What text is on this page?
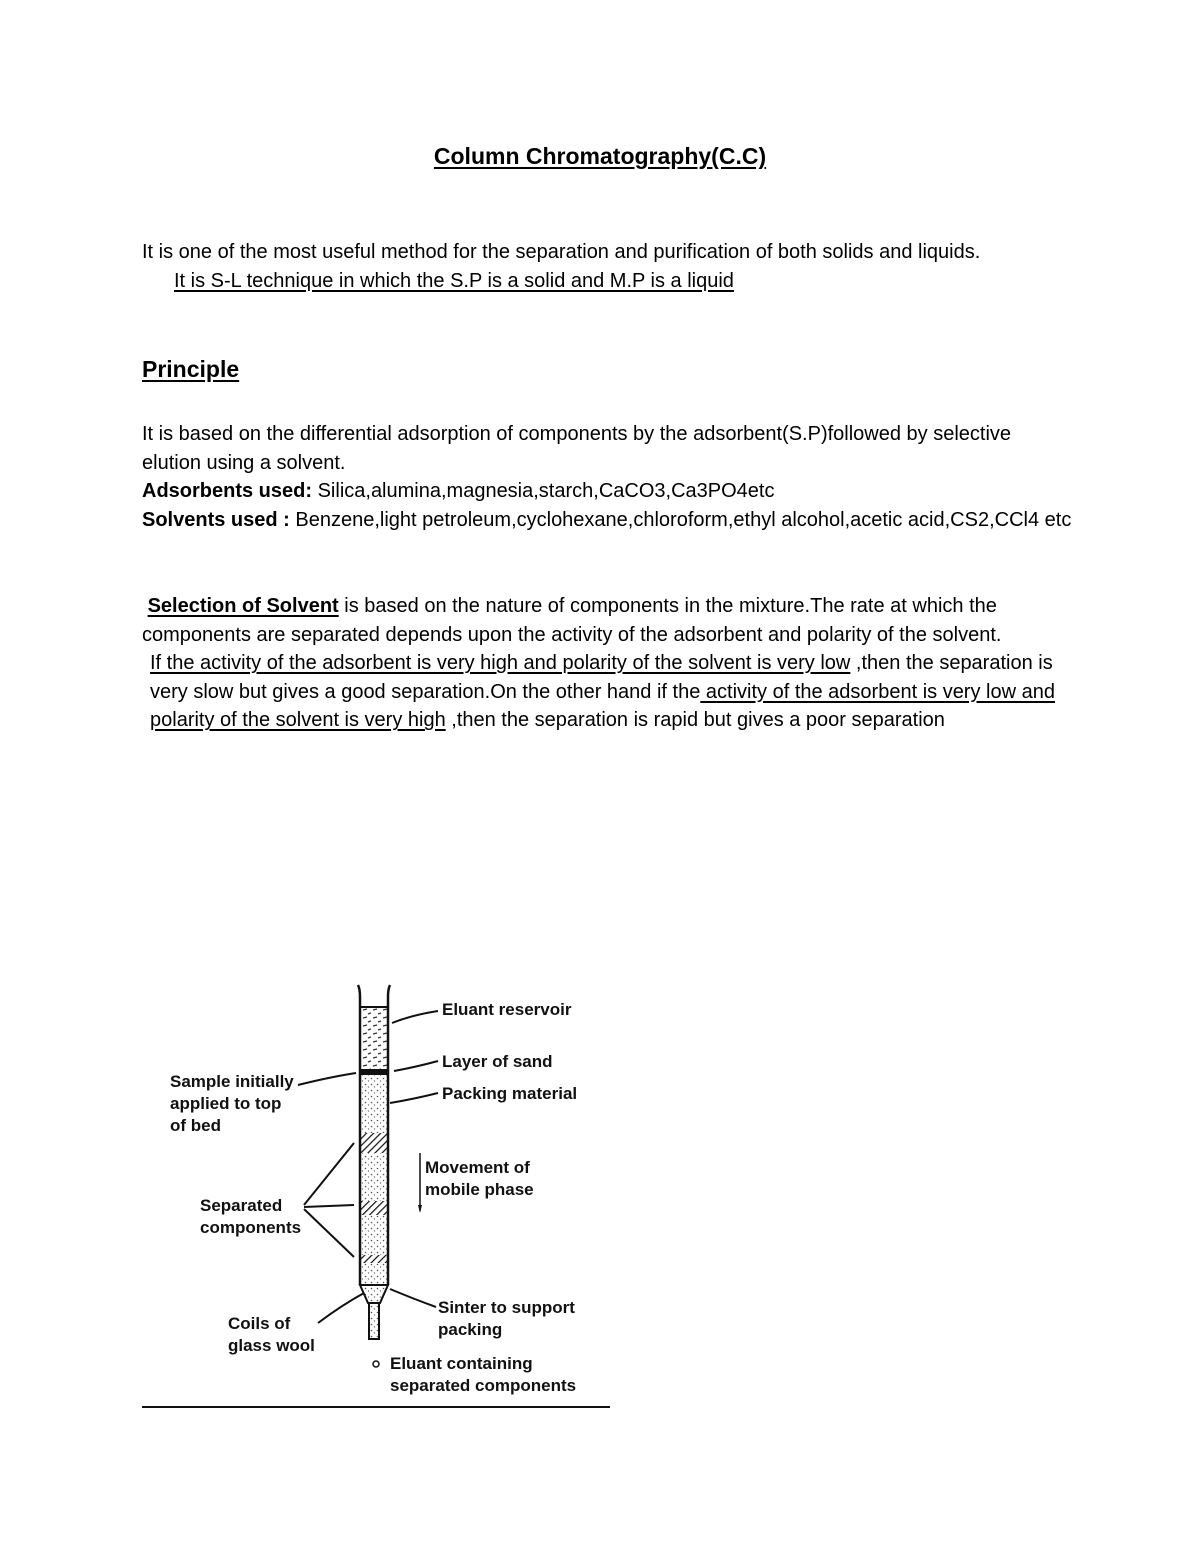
Column Chromatography(C.C)
It is one of the most useful method for the separation and purification of both solids and liquids.
It is S-L technique in which the S.P is a solid and M.P is a liquid
Principle
It is based on the differential adsorption of components by the adsorbent(S.P)followed by selective elution using a solvent.
Adsorbents used: Silica,alumina,magnesia,starch,CaCO3,Ca3PO4etc
Solvents used : Benzene,light petroleum,cyclohexane,chloroform,ethyl alcohol,acetic acid,CS2,CCl4 etc
Selection of Solvent is based on the nature of components in the mixture.The rate at which the components are separated depends upon the activity of the adsorbent and polarity of the solvent.
If the activity of the adsorbent is very high and polarity of the solvent is very low ,then the separation is very slow but gives a good separation.On the other hand if the activity of the adsorbent is very low and polarity of the solvent is very high ,then the separation is rapid but gives a poor separation
Eluant reservoir
Layer of sand
Packing material
Movement of
mobile phase
Sinter to support
packing
Eluant containing
separated components
Sample initially
applied to top
of bed
Separated
components
Coils of
glass wool
